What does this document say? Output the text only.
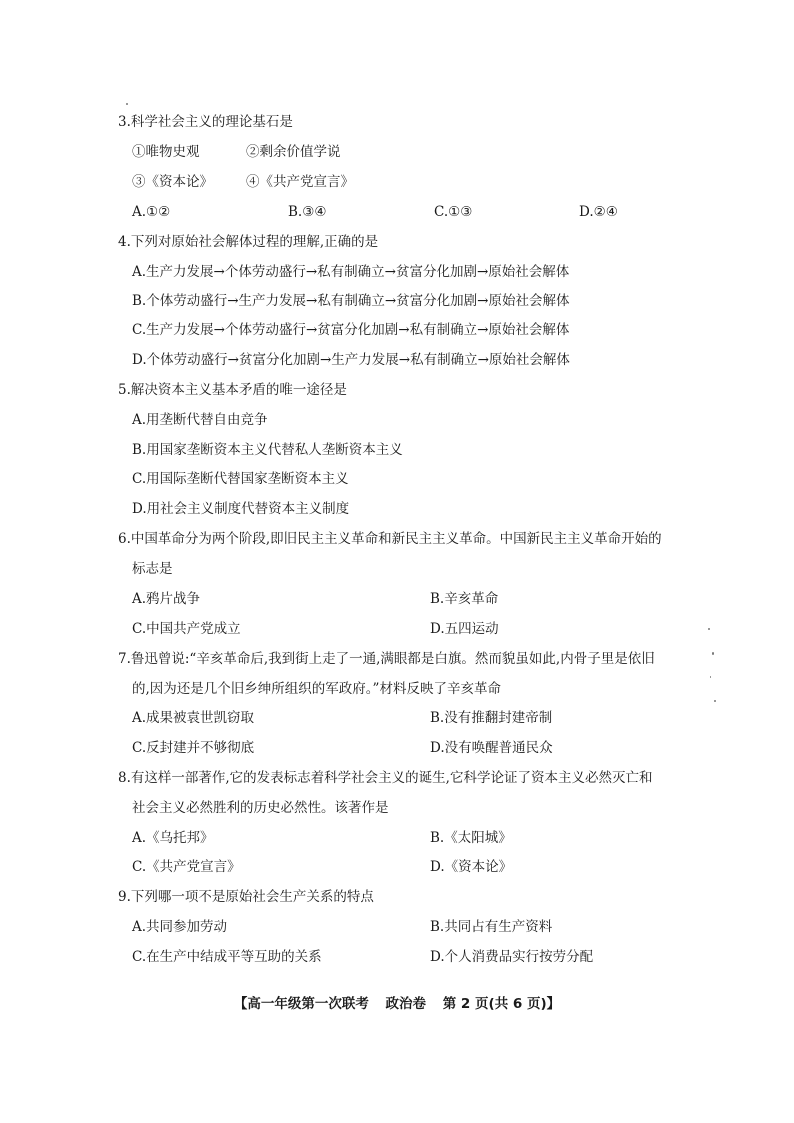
3.科学社会主义的理论基石是
①唯物史观	②剩余价值学说
③《资本论》 ④《共产党宣言》
A.①②	B.③④	C.①③	D.②④
4.下列对原始社会解体过程的理解,正确的是
A.生产力发展→个体劳动盛行→私有制确立→贫富分化加剧→原始社会解体
B.个体劳动盛行→生产力发展→私有制确立→贫富分化加剧→原始社会解体
C.生产力发展→个体劳动盛行→贫富分化加剧→私有制确立→原始社会解体
D.个体劳动盛行→贫富分化加剧→生产力发展→私有制确立→原始社会解体
5.解决资本主义基本矛盾的唯一途径是
A.用垄断代替自由竞争
B.用国家垄断资本主义代替私人垄断资本主义
C.用国际垄断代替国家垄断资本主义
D.用社会主义制度代替资本主义制度
6.中国革命分为两个阶段,即旧民主主义革命和新民主主义革命。中国新民主主义革命开始的
标志是
A.鸦片战争	B.辛亥革命
C.中国共产党成立	D.五四运动
7.鲁迅曾说:“辛亥革命后,我到街上走了一通,满眼都是白旗。然而貌虽如此,内骨子里是依旧
的,因为还是几个旧乡绅所组织的军政府。”材料反映了辛亥革命
A.成果被袁世凯窃取	B.没有推翻封建帝制
C.反封建并不够彻底	D.没有唤醒普通民众
8.有这样一部著作,它的发表标志着科学社会主义的诞生,它科学论证了资本主义必然灭亡和
社会主义必然胜利的历史必然性。该著作是
A.《乌托邦》	B.《太阳城》
C.《共产党宣言》	D.《资本论》
9.下列哪一项不是原始社会生产关系的特点
A.共同参加劳动	B.共同占有生产资料
C.在生产中结成平等互助的关系	D.个人消费品实行按劳分配
【高一年级第一次联考 政治卷 第 2 页(共 6 页)】
